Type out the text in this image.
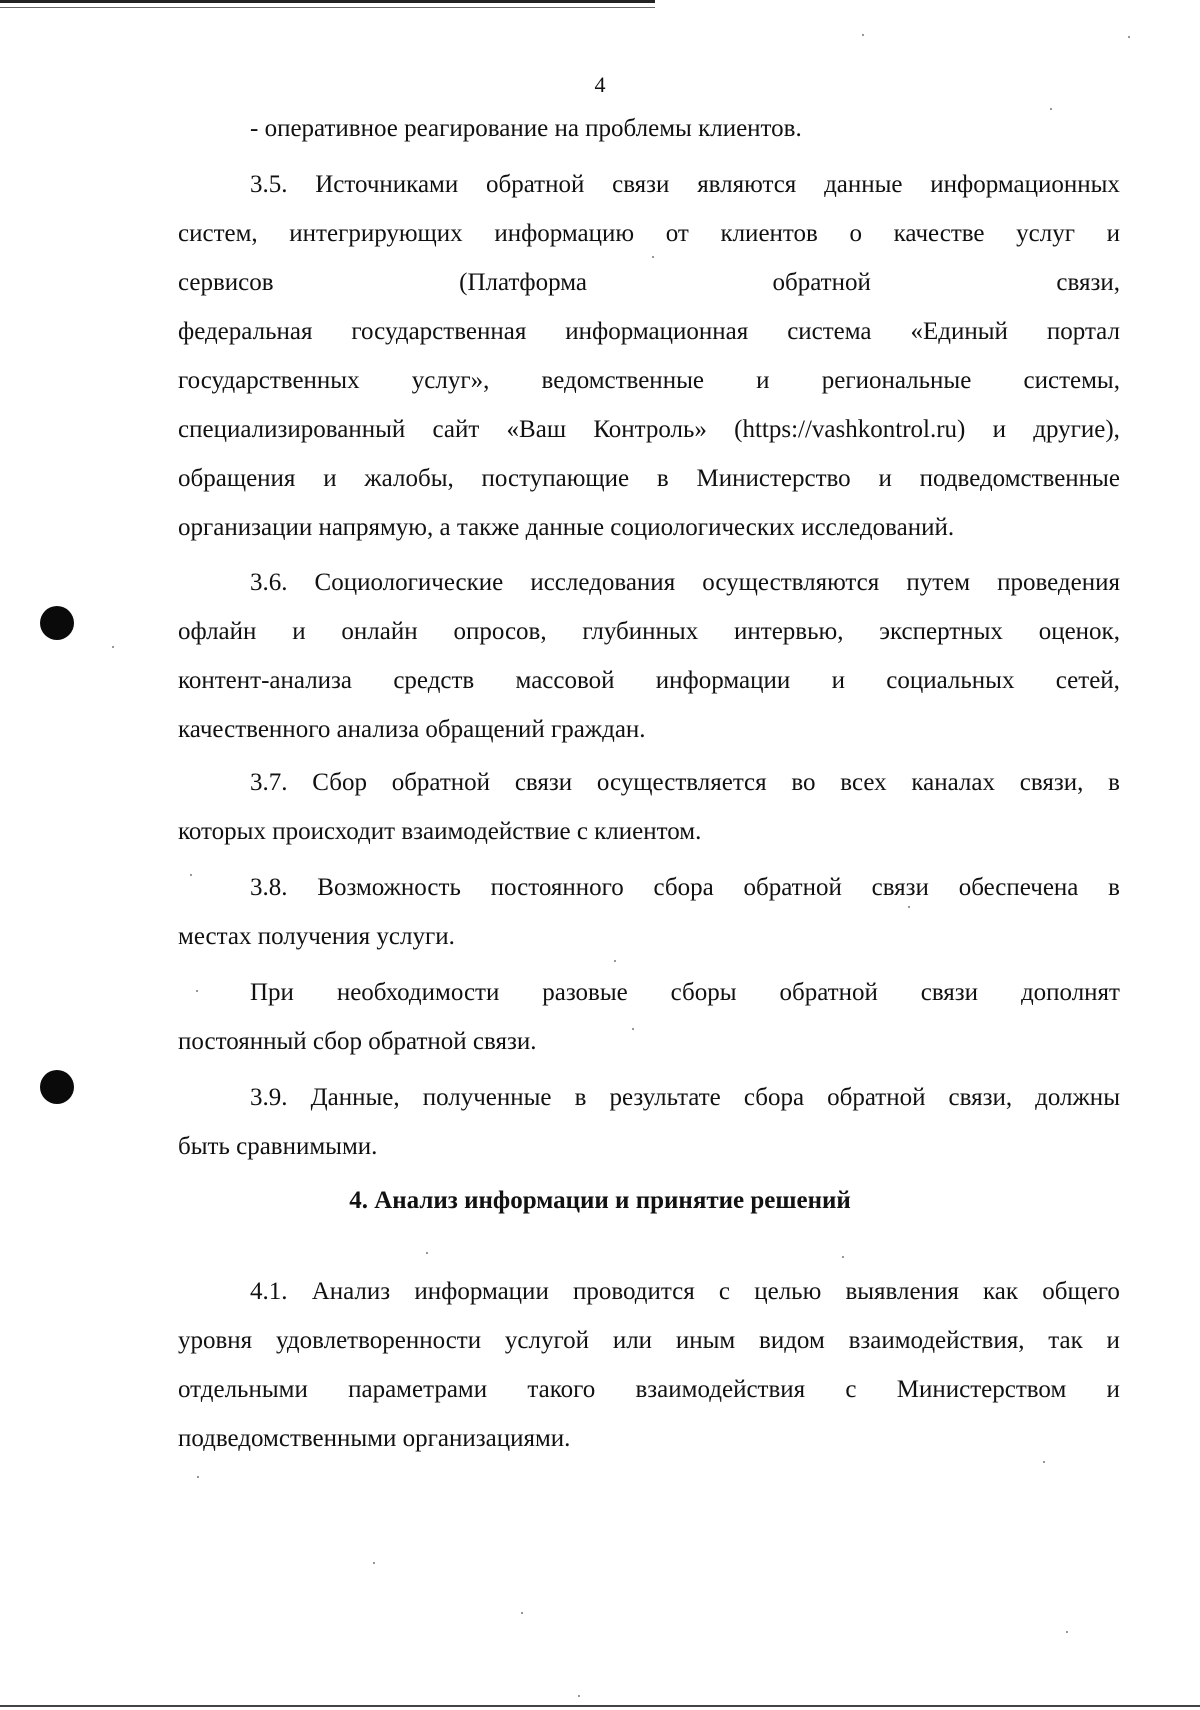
4
- оперативное реагирование на проблемы клиентов.
3.5. Источниками обратной связи являются данные информационных
систем, интегрирующих информацию от клиентов о качестве услуг и
сервисов	(Платформа	обратной	связи,
федеральная государственная информационная система «Единый портал
государственных услуг», ведомственные и региональные системы,
специализированный сайт «Ваш Контроль» (https://vashkontrol.ru) и другие),
обращения и жалобы, поступающие в Министерство и подведомственные
организации напрямую, а также данные социологических исследований.
3.6. Социологические исследования осуществляются путем проведения
офлайн и онлайн опросов, глубинных интервью, экспертных оценок,
контент-анализа средств массовой информации и социальных сетей,
качественного анализа обращений граждан.
3.7. Сбор обратной связи осуществляется во всех каналах связи, в
которых происходит взаимодействие с клиентом.
3.8. Возможность постоянного сбора обратной связи обеспечена в
местах получения услуги.
При необходимости разовые сборы обратной связи дополнят
постоянный сбор обратной связи.
3.9. Данные, полученные в результате сбора обратной связи, должны
быть сравнимыми.
4. Анализ информации и принятие решений
4.1. Анализ информации проводится с целью выявления как общего
уровня удовлетворенности услугой или иным видом взаимодействия, так и
отдельными параметрами такого взаимодействия с Министерством и
подведомственными организациями.
